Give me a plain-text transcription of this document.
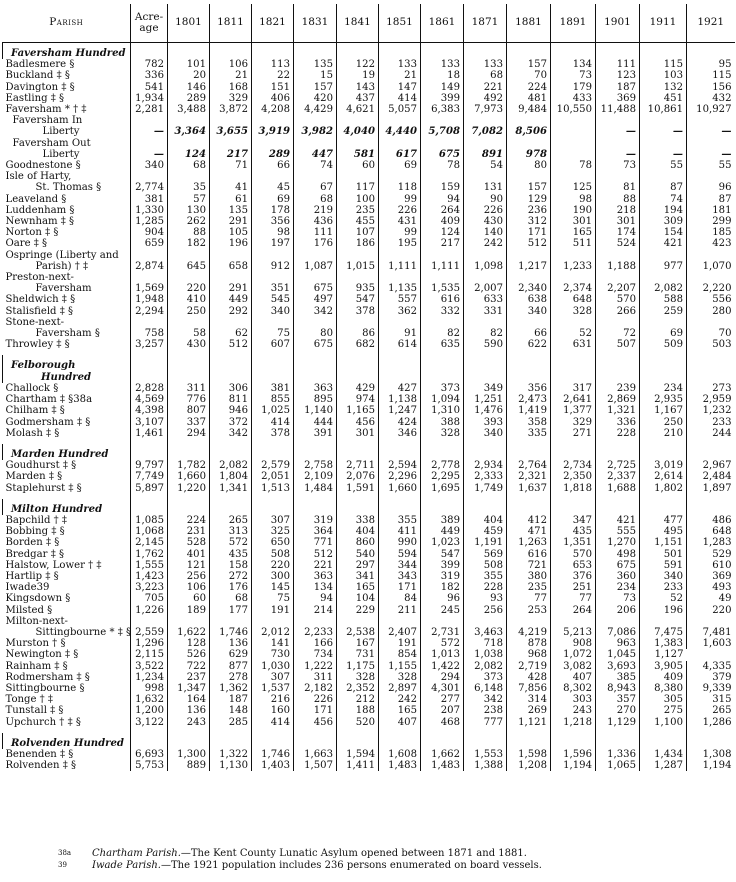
Parish	Acre-age	1801	1811	1821	1831	1841	1851	1861	1871	1881	1891	1901	1911	1921
Faversham Hundred														
Badlesmere §	782	101	106	113	135	122	133	133	133	157	134	111	115	95
Buckland ‡ §	336	20	21	22	15	19	21	18	68	70	73	123	103	115
Davington ‡ §	541	146	168	151	157	143	147	149	221	224	179	187	132	156
Eastling ‡ §	1,934	289	329	406	420	437	414	399	492	481	433	369	451	432
Faversham * † ‡	2,281	3,488	3,872	4,208	4,429	4,621	5,057	6,383	7,973	9,484	10,550	11,488	10,861	10,927
Faversham In
Liberty	—	3,364	3,655	3,919	3,982	4,040	4,440	5,708	7,082	8,506		—	—	—
Faversham Out
Liberty	—	124	217	289	447	581	617	675	891	978		—	—	—
Goodnestone §	340	68	71	66	74	60	69	78	54	80	78	73	55	55
Isle of Harty,														
St. Thomas §	2,774	35	41	45	67	117	118	159	131	157	125	81	87	96
Leaveland §	381	57	61	69	68	100	99	94	90	129	98	88	74	87
Luddenham §	1,330	130	135	178	219	235	226	264	226	236	190	218	194	181
Newnham ‡ §	1,285	262	291	356	436	455	431	409	430	312	301	301	309	299
Norton ‡ §	904	88	105	98	111	107	99	124	140	171	165	174	154	185
Oare ‡ §	659	182	196	197	176	186	195	217	242	512	511	524	421	423
Ospringe (Liberty and														
Parish) † ‡	2,874	645	658	912	1,087	1,015	1,111	1,111	1,098	1,217	1,233	1,188	977	1,070
Preston-next-														
Faversham	1,569	220	291	351	675	935	1,135	1,535	2,007	2,340	2,374	2,207	2,082	2,220
Sheldwich ‡ §	1,948	410	449	545	497	547	557	616	633	638	648	570	588	556
Stalisfield ‡ §	2,294	250	292	340	342	378	362	332	331	340	328	266	259	280
Stone-next-														
Faversham §	758	58	62	75	80	86	91	82	82	66	52	72	69	70
Throwley ‡ §	3,257	430	512	607	675	682	614	635	590	622	631	507	509	503
Felborough														
Hundred														
Challock §	2,828	311	306	381	363	429	427	373	349	356	317	239	234	273
Chartham ‡ §38a	4,569	776	811	855	895	974	1,138	1,094	1,251	2,473	2,641	2,869	2,935	2,959
Chilham ‡ §	4,398	807	946	1,025	1,140	1,165	1,247	1,310	1,476	1,419	1,377	1,321	1,167	1,232
Godmersham ‡ §	3,107	337	372	414	444	456	424	388	393	358	329	336	250	233
Molash ‡ §	1,461	294	342	378	391	301	346	328	340	335	271	228	210	244
Marden Hundred														
Goudhurst ‡ §	9,797	1,782	2,082	2,579	2,758	2,711	2,594	2,778	2,934	2,764	2,734	2,725	3,019	2,967
Marden ‡ §	7,749	1,660	1,804	2,051	2,109	2,076	2,296	2,295	2,333	2,321	2,350	2,337	2,614	2,484
Staplehurst ‡ §	5,897	1,220	1,341	1,513	1,484	1,591	1,660	1,695	1,749	1,637	1,818	1,688	1,802	1,897
Milton Hundred														
Bapchild † ‡	1,085	224	265	307	319	338	355	389	404	412	347	421	477	486
Bobbing ‡ §	1,068	231	313	325	364	404	411	449	459	471	435	555	495	648
Borden ‡ §	2,145	528	572	650	771	860	990	1,023	1,191	1,263	1,351	1,270	1,151	1,283
Bredgar ‡ §	1,762	401	435	508	512	540	594	547	569	616	570	498	501	529
Halstow, Lower † ‡	1,555	121	158	220	221	297	344	399	508	721	653	675	591	610
Hartlip ‡ §	1,423	256	272	300	363	341	343	319	355	380	376	360	340	369
Iwade39	3,223	106	176	145	134	165	171	182	228	235	251	234	233	493
Kingsdown §	705	60	68	75	94	104	84	96	93	77	77	73	52	49
Milsted §	1,226	189	177	191	214	229	211	245	256	253	264	206	196	220
Milton-next-														
Sittingbourne * ‡ §	2,559	1,622	1,746	2,012	2,233	2,538	2,407	2,731	3,463	4,219	5,213	7,086	7,475	7,481
Murston † §	1,296	128	136	141	166	167	191	572	718	878	908	963	1,383	1,603
Newington ‡ §	2,115	526	629	730	734	731	854	1,013	1,038	968	1,072	1,045	1,127	
Rainham ‡ §	3,522	722	877	1,030	1,222	1,175	1,155	1,422	2,082	2,719	3,082	3,693	3,905	4,335
Rodmersham ‡ §	1,234	237	278	307	311	328	328	294	373	428	407	385	409	379
Sittingbourne §	998	1,347	1,362	1,537	2,182	2,352	2,897	4,301	6,148	7,856	8,302	8,943	8,380	9,339
Tonge † ‡	1,632	164	187	216	226	212	242	277	342	314	303	357	305	315
Tunstall ‡ §	1,200	136	148	160	171	188	165	207	238	269	243	270	275	265
Upchurch † ‡ §	3,122	243	285	414	456	520	407	468	777	1,121	1,218	1,129	1,100	1,286
Rolvenden Hundred														
Benenden ‡ §	6,693	1,300	1,322	1,746	1,663	1,594	1,608	1,662	1,553	1,598	1,596	1,336	1,434	1,308
Rolvenden ‡ §	5,753	889	1,130	1,403	1,507	1,411	1,483	1,483	1,388	1,208	1,194	1,065	1,287	1,194
38a Chartham Parish.—The Kent County Lunatic Asylum opened between 1871 and 1881.
39	Iwade Parish.—The 1921 population includes 236 persons enumerated on board vessels.
